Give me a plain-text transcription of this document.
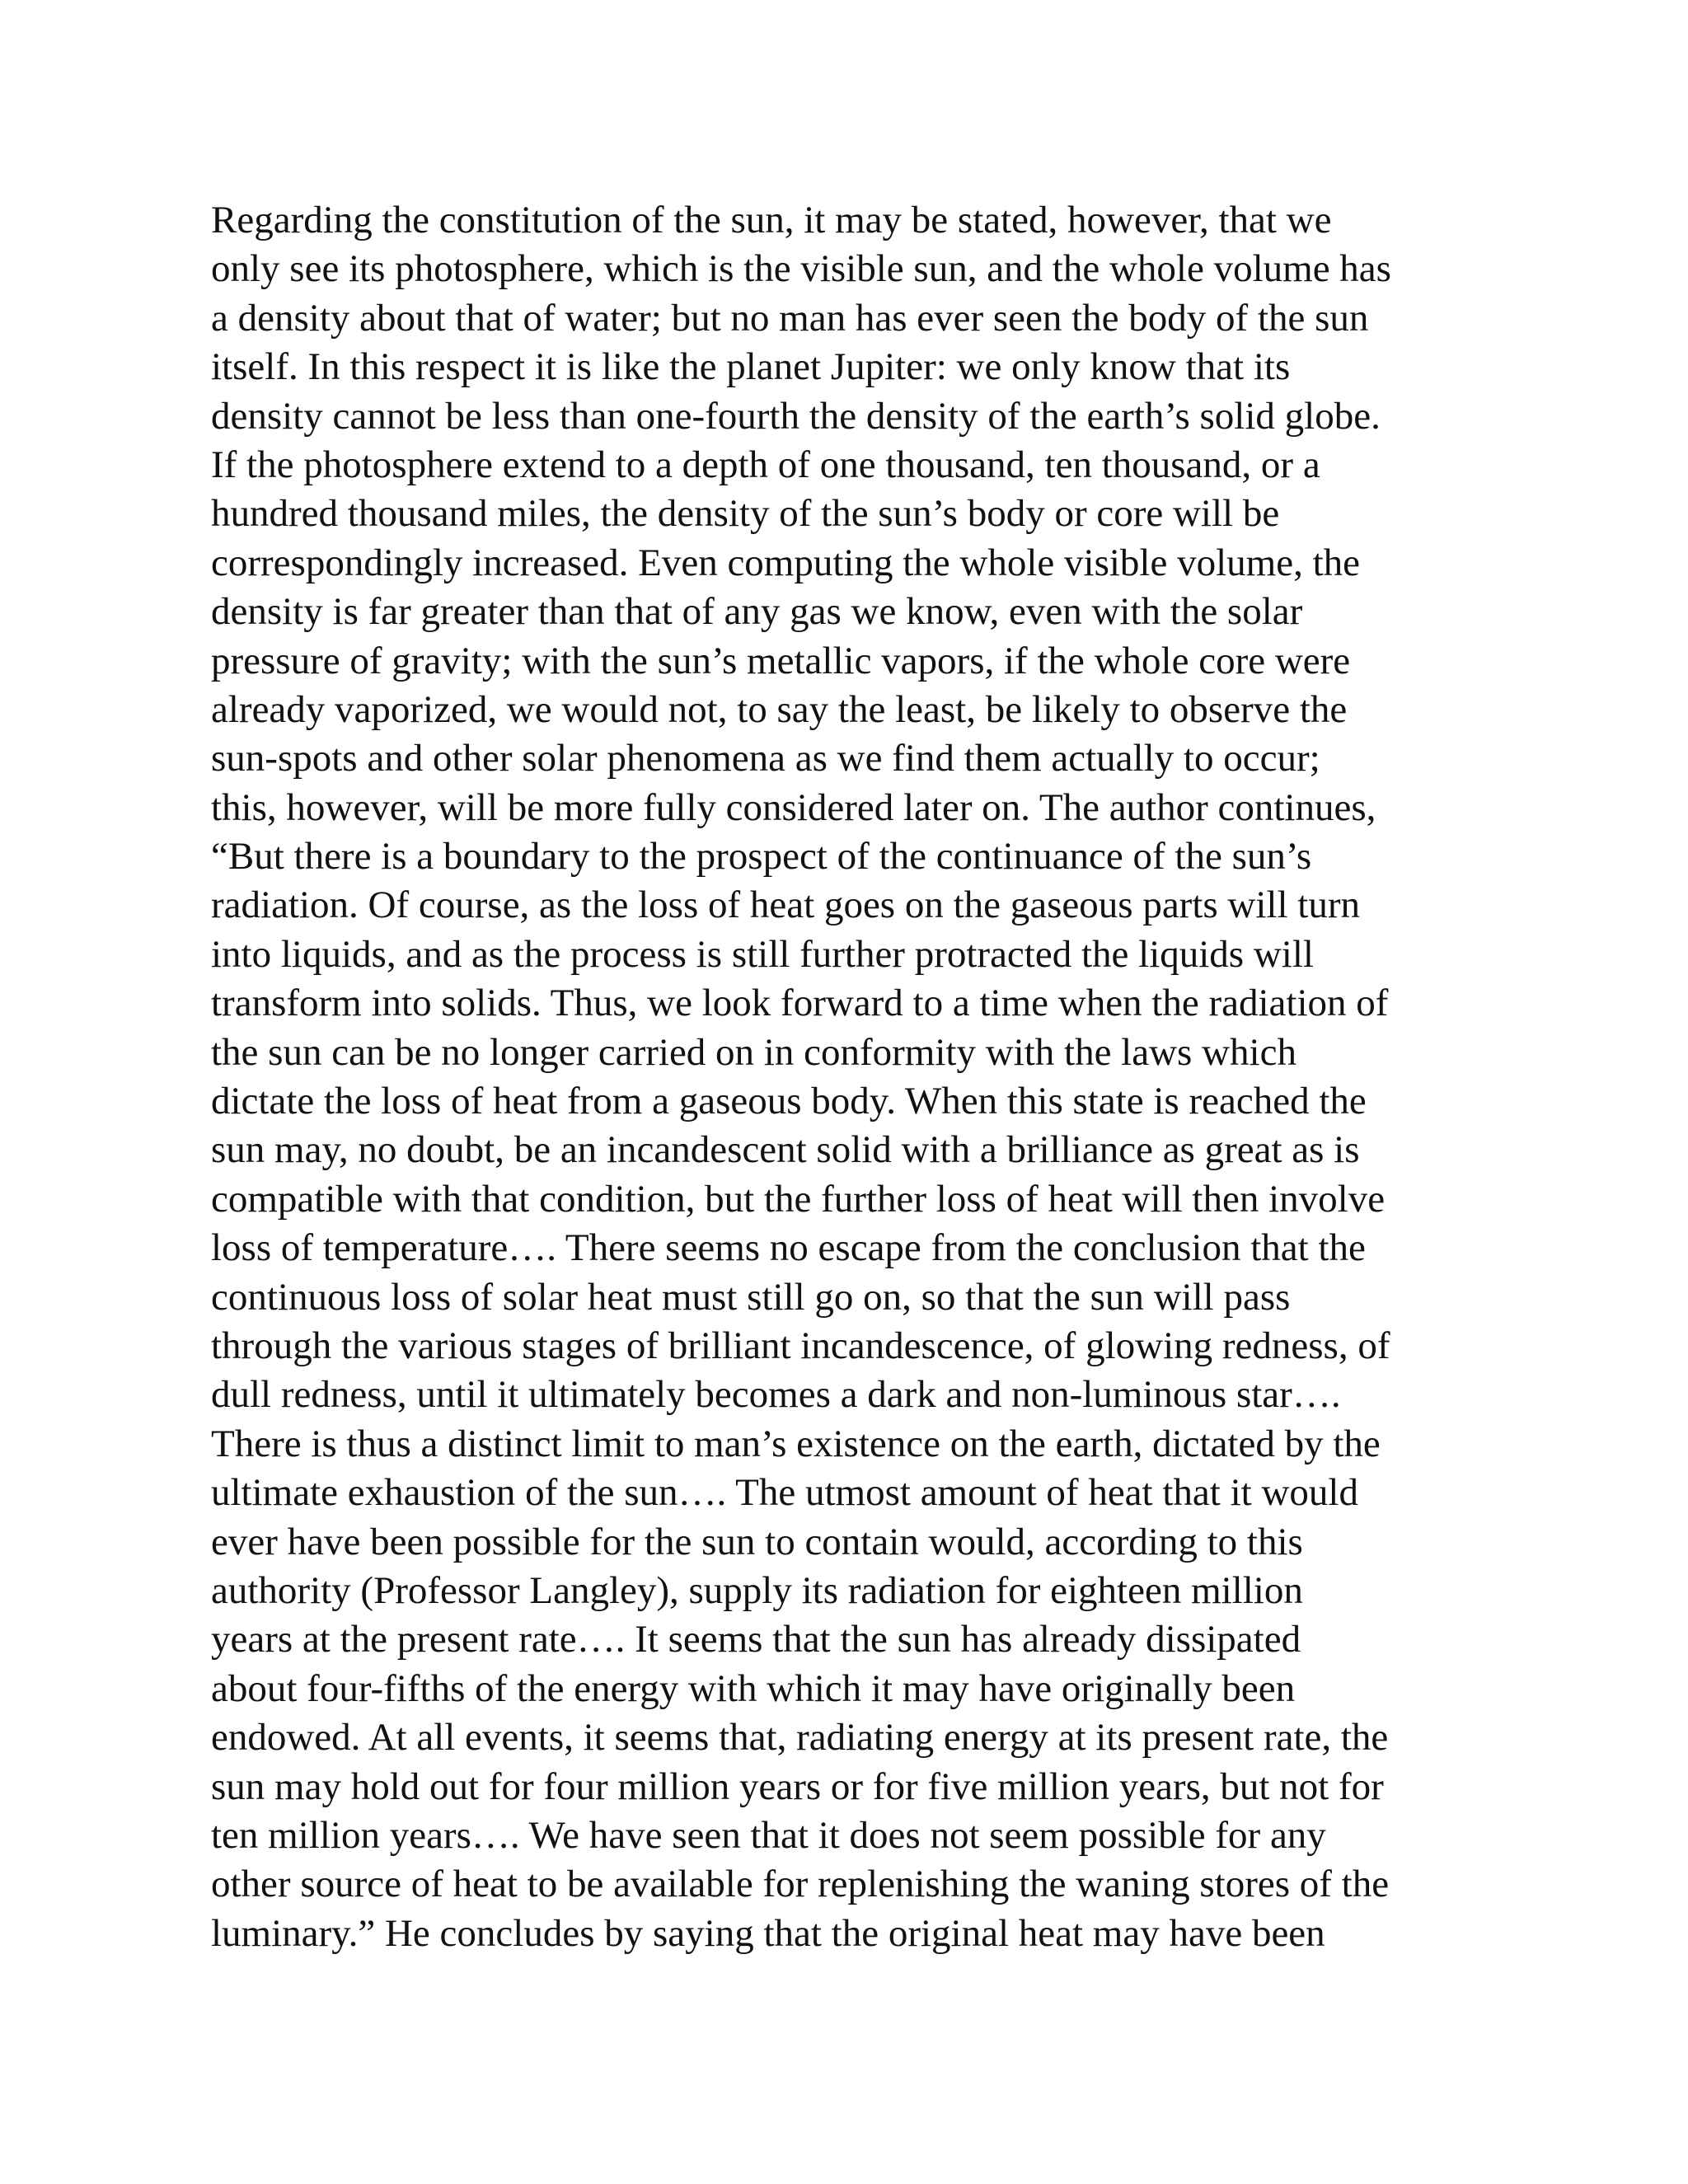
Regarding the constitution of the sun, it may be stated, however, that we
only see its photosphere, which is the visible sun, and the whole volume has
a density about that of water; but no man has ever seen the body of the sun
itself. In this respect it is like the planet Jupiter: we only know that its
density cannot be less than one-fourth the density of the earth’s solid globe.
If the photosphere extend to a depth of one thousand, ten thousand, or a
hundred thousand miles, the density of the sun’s body or core will be
correspondingly increased. Even computing the whole visible volume, the
density is far greater than that of any gas we know, even with the solar
pressure of gravity; with the sun’s metallic vapors, if the whole core were
already vaporized, we would not, to say the least, be likely to observe the
sun-spots and other solar phenomena as we find them actually to occur;
this, however, will be more fully considered later on. The author continues,
“But there is a boundary to the prospect of the continuance of the sun’s
radiation. Of course, as the loss of heat goes on the gaseous parts will turn
into liquids, and as the process is still further protracted the liquids will
transform into solids. Thus, we look forward to a time when the radiation of
the sun can be no longer carried on in conformity with the laws which
dictate the loss of heat from a gaseous body. When this state is reached the
sun may, no doubt, be an incandescent solid with a brilliance as great as is
compatible with that condition, but the further loss of heat will then involve
loss of temperature…. There seems no escape from the conclusion that the
continuous loss of solar heat must still go on, so that the sun will pass
through the various stages of brilliant incandescence, of glowing redness, of
dull redness, until it ultimately becomes a dark and non-luminous star….
There is thus a distinct limit to man’s existence on the earth, dictated by the
ultimate exhaustion of the sun…. The utmost amount of heat that it would
ever have been possible for the sun to contain would, according to this
authority (Professor Langley), supply its radiation for eighteen million
years at the present rate…. It seems that the sun has already dissipated
about four-fifths of the energy with which it may have originally been
endowed. At all events, it seems that, radiating energy at its present rate, the
sun may hold out for four million years or for five million years, but not for
ten million years…. We have seen that it does not seem possible for any
other source of heat to be available for replenishing the waning stores of the
luminary.” He concludes by saying that the original heat may have been
